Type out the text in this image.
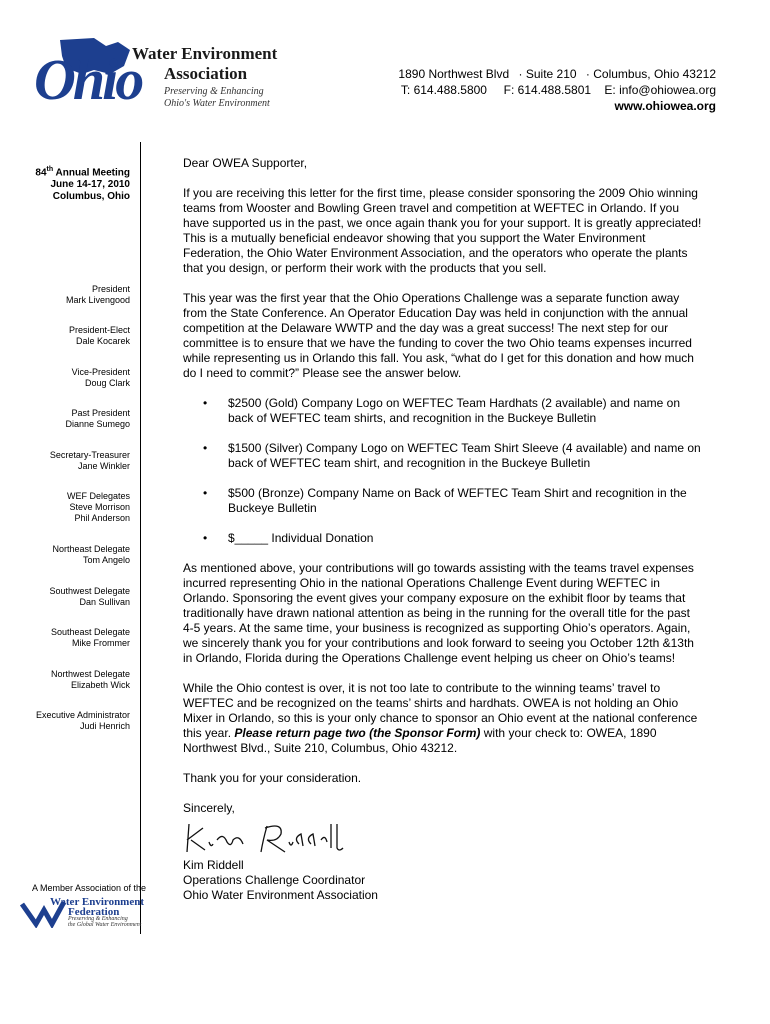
Ohio
Water Environment
Association
Preserving & Enhancing
Ohio's Water Environment
1890 Northwest Blvd · Suite 210 · Columbus, Ohio 43212
T: 614.488.5800 F: 614.488.5801 E: info@ohiowea.org
www.ohiowea.org
84th Annual Meeting
June 14-17, 2010
Columbus, Ohio
President
Mark Livengood
President-Elect
Dale Kocarek
Vice-President
Doug Clark
Past President
Dianne Sumego
Secretary-Treasurer
Jane Winkler
WEF Delegates
Steve Morrison
Phil Anderson
Northeast Delegate
Tom Angelo
Southwest Delegate
Dan Sullivan
Southeast Delegate
Mike Frommer
Northwest Delegate
Elizabeth Wick
Executive Administrator
Judi Henrich
A Member Association of the
Water Environment
Federation
Preserving & Enhancing
the Global Water Environment

Dear OWEA Supporter,

If you are receiving this letter for the first time, please consider sponsoring the 2009 Ohio winning teams from Wooster and Bowling Green travel and competition at WEFTEC in Orlando. If you have supported us in the past, we once again thank you for your support. It is greatly appreciated! This is a mutually beneficial endeavor showing that you support the Water Environment Federation, the Ohio Water Environment Association, and the operators who operate the plants that you design, or perform their work with the products that you sell.

This year was the first year that the Ohio Operations Challenge was a separate function away from the State Conference. An Operator Education Day was held in conjunction with the annual competition at the Delaware WWTP and the day was a great success! The next step for our committee is to ensure that we have the funding to cover the two Ohio teams expenses incurred while representing us in Orlando this fall. You ask, “what do I get for this donation and how much do I need to commit?” Please see the answer below.

• $2500 (Gold) Company Logo on WEFTEC Team Hardhats (2 available) and name on back of WEFTEC team shirts, and recognition in the Buckeye Bulletin
• $1500 (Silver) Company Logo on WEFTEC Team Shirt Sleeve (4 available) and name on back of WEFTEC team shirt, and recognition in the Buckeye Bulletin
• $500 (Bronze) Company Name on Back of WEFTEC Team Shirt and recognition in the Buckeye Bulletin
• $_____ Individual Donation

As mentioned above, your contributions will go towards assisting with the teams travel expenses incurred representing Ohio in the national Operations Challenge Event during WEFTEC in Orlando. Sponsoring the event gives your company exposure on the exhibit floor by teams that traditionally have drawn national attention as being in the running for the overall title for the past 4-5 years. At the same time, your business is recognized as supporting Ohio’s operators. Again, we sincerely thank you for your contributions and look forward to seeing you October 12th &13th in Orlando, Florida during the Operations Challenge event helping us cheer on Ohio’s teams!

While the Ohio contest is over, it is not too late to contribute to the winning teams’ travel to WEFTEC and be recognized on the teams’ shirts and hardhats. OWEA is not holding an Ohio Mixer in Orlando, so this is your only chance to sponsor an Ohio event at the national conference this year. Please return page two (the Sponsor Form) with your check to: OWEA, 1890 Northwest Blvd., Suite 210, Columbus, Ohio 43212.

Thank you for your consideration.

Sincerely,

Kim Riddell

Operations Challenge Coordinator

Ohio Water Environment Association
